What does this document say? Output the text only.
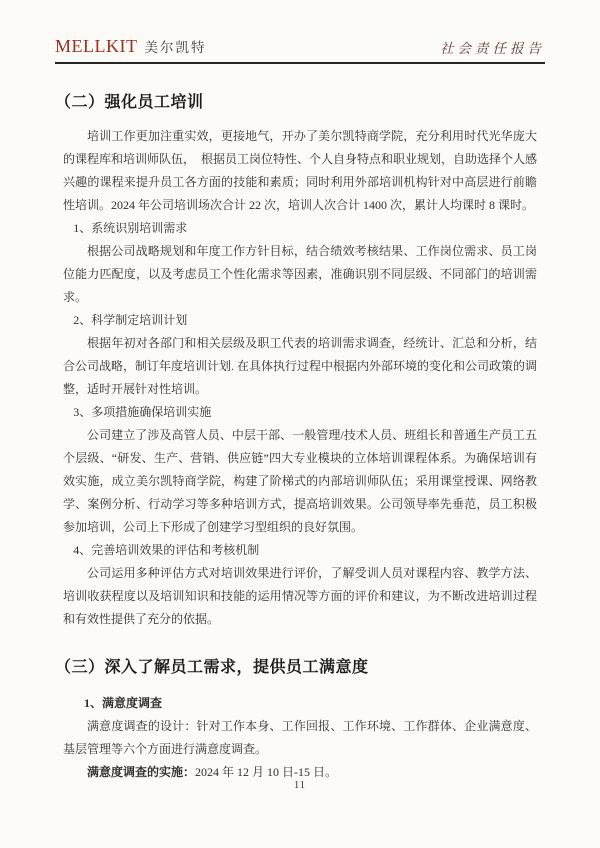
MELLKIT 美尔凯特	社会责任报告
（二）强化员工培训

培训工作更加注重实效，更接地气，开办了美尔凯特商学院，充分利用时代光华庞大的课程库和培训师队伍，　根据员工岗位特性、个人自身特点和职业规划，自助选择个人感兴趣的课程来提升员工各方面的技能和素质；同时利用外部培训机构针对中高层进行前瞻性培训。2024 年公司培训场次合计 22 次，培训人次合计 1400 次，累计人均课时 8 课时。

1、系统识别培训需求

根据公司战略规划和年度工作方针目标，结合绩效考核结果、工作岗位需求、员工岗位能力匹配度，以及考虑员工个性化需求等因素，准确识别不同层级、不同部门的培训需求。

2、科学制定培训计划

根据年初对各部门和相关层级及职工代表的培训需求调查，经统计、汇总和分析，结合公司战略，制订年度培训计划. 在具体执行过程中根据内外部环境的变化和公司政策的调整，适时开展针对性培训。

3、多项措施确保培训实施

公司建立了涉及高管人员、中层干部、一般管理/技术人员、班组长和普通生产员工五个层级、“研发、生产、营销、供应链”四大专业模块的立体培训课程体系。为确保培训有效实施，成立美尔凯特商学院，构建了阶梯式的内部培训师队伍；采用课堂授课、网络教学、案例分析、行动学习等多种培训方式，提高培训效果。公司领导率先垂范，员工积极参加培训，公司上下形成了创建学习型组织的良好氛围。

4、完善培训效果的评估和考核机制

公司运用多种评估方式对培训效果进行评价，了解受训人员对课程内容、教学方法、培训收获程度以及培训知识和技能的运用情况等方面的评价和建议，为不断改进培训过程和有效性提供了充分的依据。

（三）深入了解员工需求，提供员工满意度

1、满意度调查

满意度调查的设计：针对工作本身、工作回报、工作环境、工作群体、企业满意度、基层管理等六个方面进行满意度调查。

满意度调查的实施：2024 年 12 月 10 日-15 日。

11
